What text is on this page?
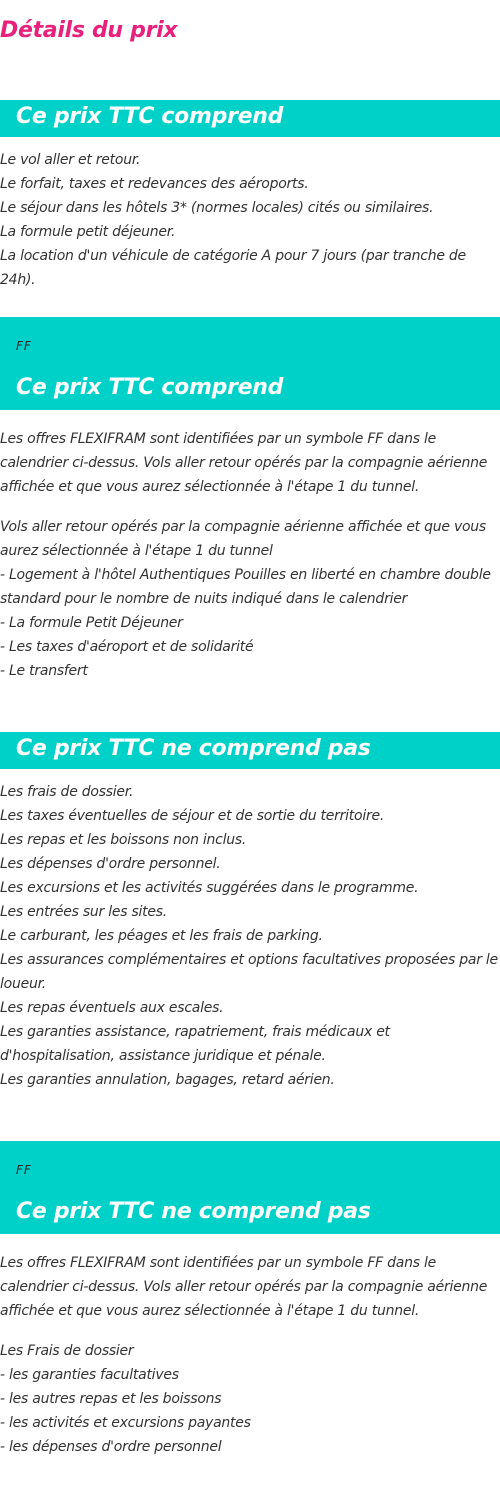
Détails du prix
Ce prix TTC comprend
Le vol aller et retour.
Le forfait, taxes et redevances des aéroports.
Le séjour dans les hôtels 3* (normes locales) cités ou similaires.
La formule petit déjeuner.
La location d'un véhicule de catégorie A pour 7 jours (par tranche de 24h).

FF

Ce prix TTC comprend

Les offres FLEXIFRAM sont identifiées par un symbole FF dans le calendrier ci-dessus. Vols aller retour opérés par la compagnie aérienne affichée et que vous aurez sélectionnée à l'étape 1 du tunnel.

Vols aller retour opérés par la compagnie aérienne affichée et que vous aurez sélectionnée à l'étape 1 du tunnel
- Logement à l'hôtel Authentiques Pouilles en liberté en chambre double standard pour le nombre de nuits indiqué dans le calendrier
- La formule Petit Déjeuner
- Les taxes d'aéroport et de solidarité
- Le transfert
Ce prix TTC ne comprend pas
Les frais de dossier.
Les taxes éventuelles de séjour et de sortie du territoire.
Les repas et les boissons non inclus.
Les dépenses d'ordre personnel.
Les excursions et les activités suggérées dans le programme.
Les entrées sur les sites.
Le carburant, les péages et les frais de parking.
Les assurances complémentaires et options facultatives proposées par le loueur.
Les repas éventuels aux escales.
Les garanties assistance, rapatriement, frais médicaux et d'hospitalisation, assistance juridique et pénale.
Les garanties annulation, bagages, retard aérien.

FF

Ce prix TTC ne comprend pas

Les offres FLEXIFRAM sont identifiées par un symbole FF dans le calendrier ci-dessus. Vols aller retour opérés par la compagnie aérienne affichée et que vous aurez sélectionnée à l'étape 1 du tunnel.

Les Frais de dossier
- les garanties facultatives
- les autres repas et les boissons
- les activités et excursions payantes
- les dépenses d'ordre personnel
